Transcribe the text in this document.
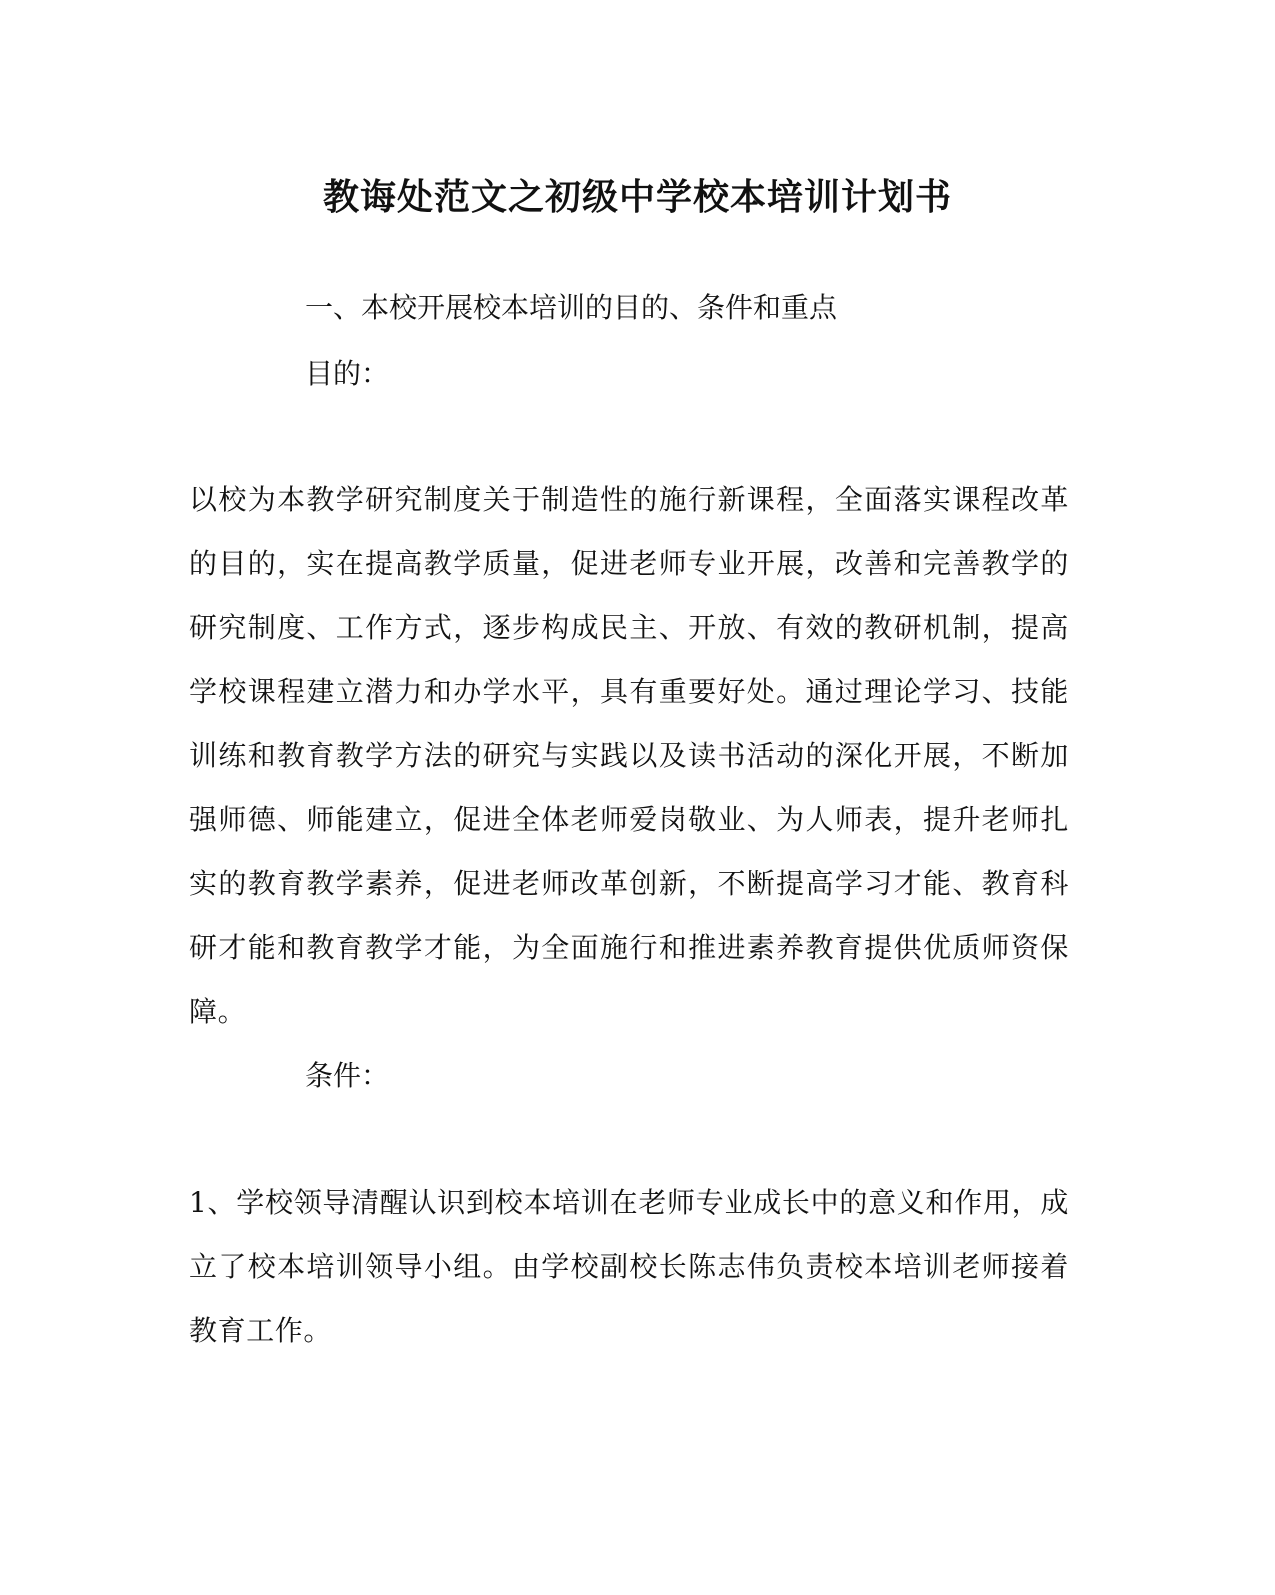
教诲处范文之初级中学校本培训计划书
一、本校开展校本培训的目的、条件和重点
目的：
以校为本教学研究制度关于制造性的施行新课程，全面落实课程改革的目的，实在提高教学质量，促进老师专业开展，改善和完善教学的研究制度、工作方式，逐步构成民主、开放、有效的教研机制，提高学校课程建立潜力和办学水平，具有重要好处。通过理论学习、技能训练和教育教学方法的研究与实践以及读书活动的深化开展，不断加强师德、师能建立，促进全体老师爱岗敬业、为人师表，提升老师扎实的教育教学素养，促进老师改革创新，不断提高学习才能、教育科研才能和教育教学才能，为全面施行和推进素养教育提供优质师资保障。
条件：
1、学校领导清醒认识到校本培训在老师专业成长中的意义和作用，成立了校本培训领导小组。由学校副校长陈志伟负责校本培训老师接着教育工作。
